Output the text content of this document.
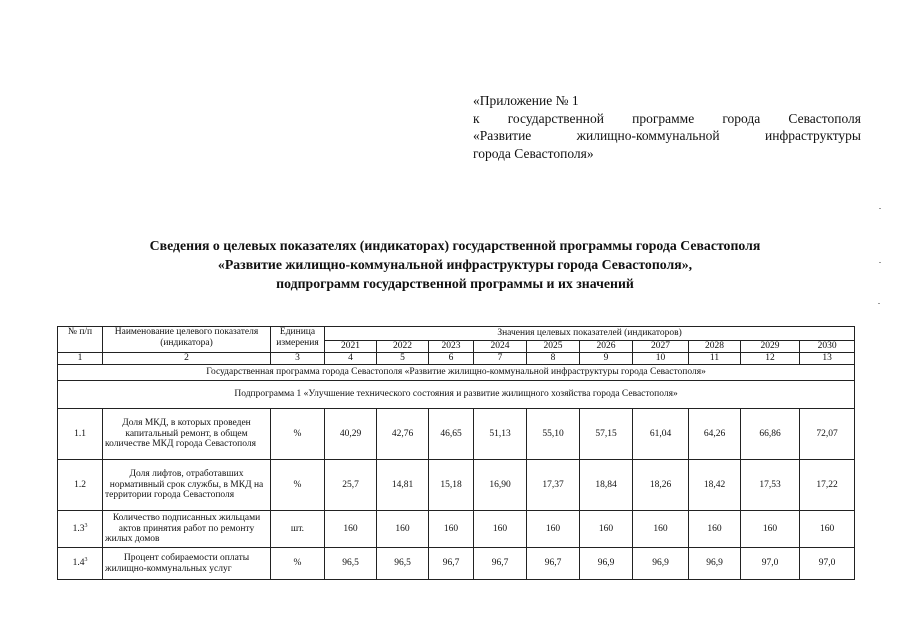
«Приложение № 1
к государственной программе города Севастополя
«Развитие жилищно-коммунальной инфраструктуры
города Севастополя»
Сведения о целевых показателях (индикаторах) государственной программы города Севастополя
«Развитие жилищно-коммунальной инфраструктуры города Севастополя»,
подпрограмм государственной программы и их значений
№ п/п	Наименование целевого показателя (индикатора)	Единица измерения	Значения целевых показателей (индикаторов)									
			2021	2022	2023	2024	2025	2026	2027	2028	2029	2030
1	2	3	4	5	6	7	8	9	10	11	12	13
Государственная программа города Севастополя «Развитие жилищно-коммунальной инфраструктуры города Севастополя»												
Подпрограмма 1 «Улучшение технического состояния и развитие жилищного хозяйства города Севастополя»												
1.1	Доля МКД, в которых проведен капитальный ремонт, в общем количестве МКД города Севастополя	%	40,29	42,76	46,65	51,13	55,10	57,15	61,04	64,26	66,86	72,07
1.2	Доля лифтов, отработавших нормативный срок службы, в МКД на территории города Севастополя	%	25,7	14,81	15,18	16,90	17,37	18,84	18,26	18,42	17,53	17,22
$1.3^3$	Количество подписанных жильцами актов принятия работ по ремонту жилых домов	шт.	160	160	160	160	160	160	160	160	160	160
$1.4^3$	Процент собираемости оплаты жилищно-коммунальных услуг	%	96,5	96,5	96,7	96,7	96,7	96,9	96,9	96,9	97,0	97,0
